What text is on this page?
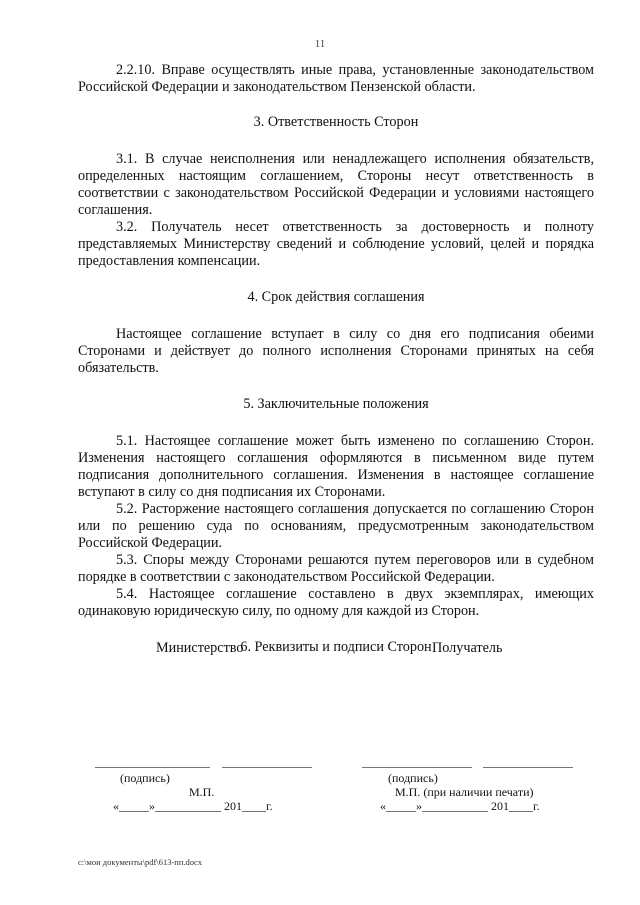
11

2.2.10. Вправе осуществлять иные права, установленные законодательством Российской Федерации и законодательством Пензенской области.

3. Ответственность Сторон

3.1. В случае неисполнения или ненадлежащего исполнения обязательств, определенных настоящим соглашением, Стороны несут ответственность в соответствии с законодательством Российской Федерации и условиями настоящего соглашения.

3.2. Получатель несет ответственность за достоверность и полноту представляемых Министерству сведений и соблюдение условий, целей и порядка предоставления компенсации.

4. Срок действия соглашения

Настоящее соглашение вступает в силу со дня его подписания обеими Сторонами и действует до полного исполнения Сторонами принятых на себя обязательств.

5. Заключительные положения

5.1. Настоящее соглашение может быть изменено по соглашению Сторон. Изменения настоящего соглашения оформляются в письменном виде путем подписания дополнительного соглашения. Изменения в настоящее соглашение вступают в силу со дня подписания их Сторонами.

5.2. Расторжение настоящего соглашения допускается по соглашению Сторон или по решению суда по основаниям, предусмотренным законодательством Российской Федерации.

5.3. Споры между Сторонами решаются путем переговоров или в судебном порядке в соответствии с законодательством Российской Федерации.

5.4. Настоящее соглашение составлено в двух экземплярах, имеющих одинаковую юридическую силу, по одному для каждой из Сторон.

6. Реквизиты и подписи Сторон
Министерство	Получатель
(подпись)	(подпись)
М.П.	М.П. (при наличии печати)
«_____»___________ 201____г.	«_____»___________ 201____г.
c:\мои документы\pdf\613-пп.docx
